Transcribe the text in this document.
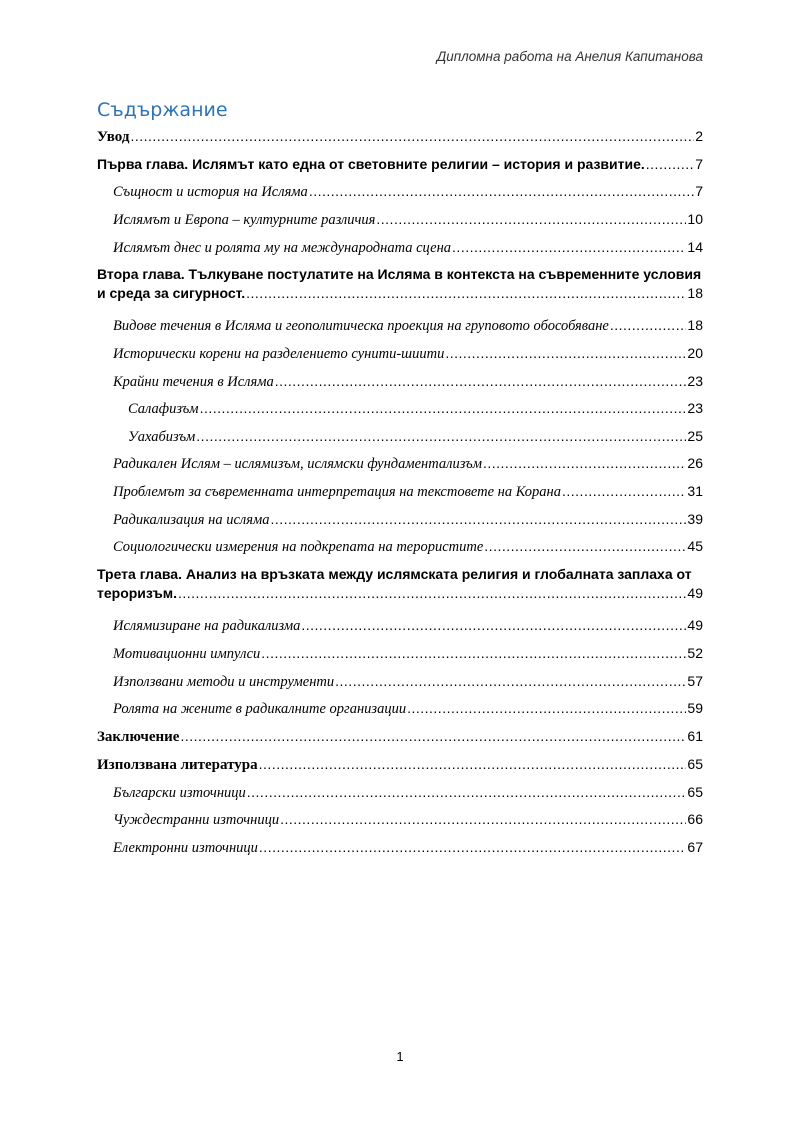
Дипломна работа на Анелия Капитанова
Съдържание
Увод .....	2
Първа глава. Ислямът като една от световните религии – история и развитие. .....	7
Същност и история на Исляма .....	7
Ислямът и Европа – културните различия .....	10
Ислямът днес и ролята му на международната сцена .....	14
Втора глава. Тълкуване постулатите на Исляма в контекста на съвременните условия
и среда за сигурност. .....	18
Видове течения в Исляма и геополитическа проекция на груповото обособяване .....	18
Исторически корени на разделението сунити-шиити .....	20
Крайни течения в Исляма .....	23
Салафизъм .....	23
Уахабизъм .....	25
Радикален Ислям – ислямизъм, ислямски фундаментализъм .....	26
Проблемът за съвременната интерпретация на текстовете на Корана .....	31
Радикализация на исляма .....	39
Социологически измерения на подкрепата на терористите .....	45
Трета глава. Анализ на връзката между ислямската религия и глобалната заплаха от
тероризъм. .....	49
Ислямизиране на радикализма .....	49
Мотивационни импулси .....	52
Използвани методи и инструменти .....	57
Ролята на жените в радикалните организации .....	59
Заключение .....	61
Използвана литература .....	65
Български източници .....	65
Чуждестранни източници .....	66
Електронни източници .....	67
1
